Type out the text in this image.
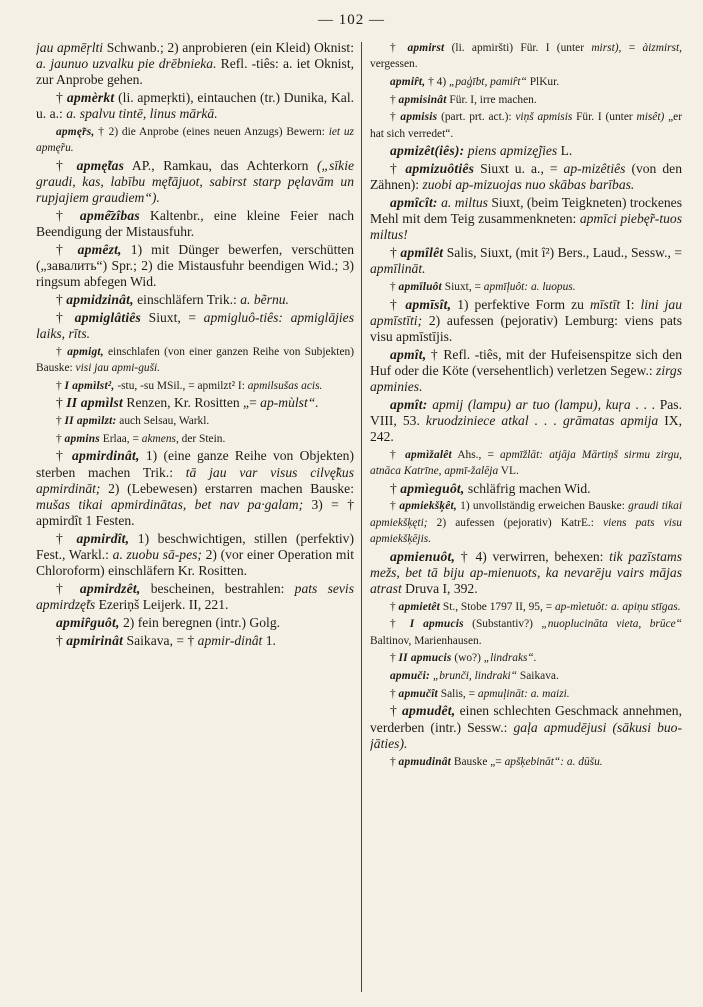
— 102 —

jau apmēŗlti Schwanb.; 2) anprobieren (ein Kleid) Oknist: a. jaunuo uzvalku pie drēbnieka. Refl. -tiês: a. iet Oknist, zur Anprobe gehen.

† apmèrkt (li. apmeŗkti), eintauchen (tr.) Dunika, Kal. u. a.: a. spalvu tintē, linus mārkā.

apmę̃rs, † 2) die Anprobe (eines neuen Anzugs) Bewern: iet uz apmę̃ru.

† apmę̃tas AP., Ramkau, das Achterkorn („sīkie graudi, kas, labību mę̃tājuot, sabirst starp pęlavām un rupjajiem graudiem“).

† apmê̄zîbas Kaltenbr., eine kleine Feier nach Beendigung der Mistausfuhr.

† apmêzt, 1) mit Dünger bewerfen, verschütten („завалить“) Spr.; 2) die Mistausfuhr beendigen Wid.; 3) ringsum abfegen Wid.

† apmidzinât, einschläfern Trik.: a. bẽrnu.

† apmiglâtiês Siuxt, = apmigluô-tiês: apmiglājies laiks, rīts.

† apmigt, einschlafen (von einer ganzen Reihe von Subjekten) Bauske: visi jau apmi-guši.

† I apmìlst², -stu, -su MSil., = apmilzt² I: apmilsušas acis.

† II apmìlst Renzen, Kr. Rositten „= ap-mùlst“.

† II apmìlzt: auch Selsau, Warkl.

† apmins Erlaa, = akmens, der Stein.

† apmirdinât, 1) (eine ganze Reihe von Objekten) sterben machen Trik.: tā jau var visus cilvę̃kus apmirdināt; 2) (Lebewesen) erstarren machen Bauske: mušas tikai apmirdinātas, bet nav pa·galam; 3) = † apmirdît 1 Festen.

† apmirdît, 1) beschwichtigen, stillen (perfektiv) Fest., Warkl.: a. zuobu sā-pes; 2) (vor einer Operation mit Chloroform) einschläfern Kr. Rositten.

† apmirdzêt, bescheinen, bestrahlen: pats sevis apmirdzę̃ts Ezeriņš Leijerk. II, 221.

apmiȓguôt, 2) fein beregnen (intr.) Golg.

† apmirinât Saikava, = † apmir-dinât 1.

† apmirst (li. apmiršti) Für. I (unter mirst), = àizmirst, vergessen.

apmiȓt, † 4) „paģībt, pamiȓt“ PlKur.

† apmisinât Für. I, irre machen.

† apmisis (part. prt. act.): viņš apmisis Für. I (unter misêt) „er hat sich verredet“.

apmizêt(iês): piens apmizę̃jies L.

† apmizuôtiês Siuxt u. a., = ap-mizêtiês (von den Zähnen): zuobi ap-mizuojas nuo skābas barības.

apmîcît: a. miltus Siuxt, (beim Teigkneten) trockenes Mehl mit dem Teig zusammenkneten: apmīci piebę̃r-tuos miltus!

† apmîlêt Salis, Siuxt, (mit î²) Bers., Laud., Sessw., = apmīlināt.

† apmīluôt Siuxt, = apmīļuôt: a. luopus.

† apmīsît, 1) perfektive Form zu mīstīt I: lini jau apmīstīti; 2) aufessen (pejorativ) Lemburg: viens pats visu apmīstījis.

apmît, † Refl. -tiês, mit der Hufeisenspitze sich den Huf oder die Köte (versehentlich) verletzen Segew.: zirgs apminies.

apmît: apmij (lampu) ar tuo (lampu), kuŗa . . . Pas. VIII, 53. kruodziniece atkal . . . grāmatas apmija IX, 242.

† apmìžalêt Ahs., = apmīžlāt: atjāja Mārtiņš sirmu zirgu, atnāca Katrīne, apmī-žalēja VL.

† apmìeguôt, schläfrig machen Wid.

† apmiekšķêt, 1) unvollständig erweichen Bauske: graudi tikai apmiekšķęti; 2) aufessen (pejorativ) KatrE.: viens pats visu apmiekšķējis.

apmienuôt, † 4) verwirren, behexen: tik pazīstams mežs, bet tā biju ap-mienuots, ka nevarēju vairs mājas atrast Druva I, 392.

† apmietêt St., Stobe 1797 II, 95, = ap-mìetuôt: a. apiņu stīgas.

† I apmucis (Substantiv?) „nuoplucināta vieta, brūce“ Baltinov, Marienhausen.

† II apmucis (wo?) „lindraks“.

apmuči: „brunči, lindraki“ Saikava.

† apmučît Salis, = apmuļināt: a. maizi.

† apmudêt, einen schlechten Geschmack annehmen, verderben (intr.) Sessw.: gaļa apmudējusi (sākusi buo-jāties).

† apmudinât Bauske „= apšķebināt“: a. dūšu.
